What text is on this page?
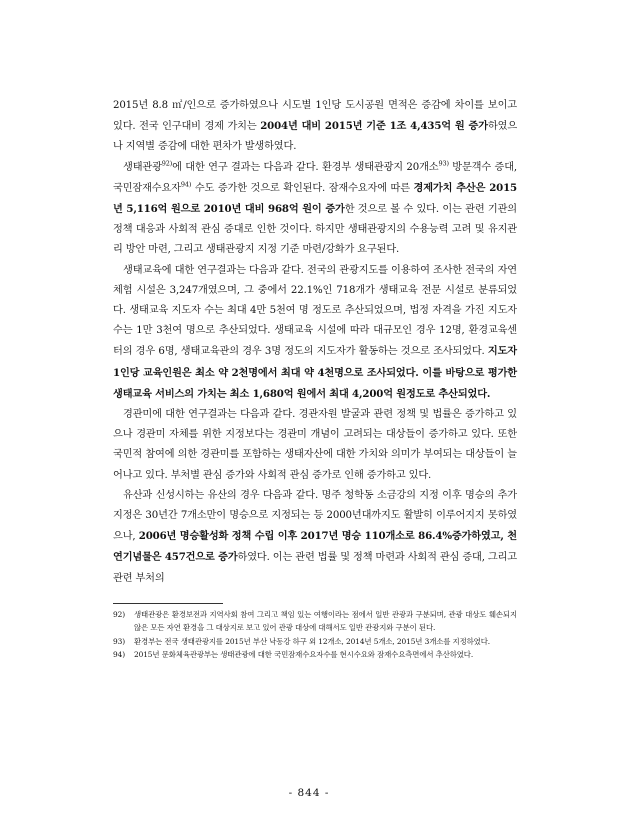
2015년 8.8 ㎡/인으로 증가하였으나 시도별 1인당 도시공원 면적은 증감에 차이를 보이고 있다. 전국 인구대비 경제 가치는 2004년 대비 2015년 기준 1조 4,435억 원 증가하였으나 지역별 증감에 대한 편차가 발생하였다.

생태관광$^{92)}$에 대한 연구 결과는 다음과 같다. 환경부 생태관광지 20개소$^{93)}$ 방문객수 증대, 국민잠재수요자$^{94)}$ 수도 증가한 것으로 확인된다. 잠재수요자에 따른 경제가치 추산은 2015년 5,116억 원으로 2010년 대비 968억 원이 증가한 것으로 볼 수 있다. 이는 관련 기관의 정책 대응과 사회적 관심 증대로 인한 것이다. 하지만 생태관광지의 수용능력 고려 및 유지관리 방안 마련, 그리고 생태관광지 지정 기준 마련/강화가 요구된다.

생태교육에 대한 연구결과는 다음과 같다. 전국의 관광지도를 이용하여 조사한 전국의 자연체험 시설은 3,247개였으며, 그 중에서 22.1%인 718개가 생태교육 전문 시설로 분류되었다. 생태교육 지도자 수는 최대 4만 5천여 명 정도로 추산되었으며, 법정 자격을 가진 지도자 수는 1만 3천여 명으로 추산되었다. 생태교육 시설에 따라 대규모인 경우 12명, 환경교육센터의 경우 6명, 생태교육관의 경우 3명 정도의 지도자가 활동하는 것으로 조사되었다. 지도자 1인당 교육인원은 최소 약 2천명에서 최대 약 4천명으로 조사되었다. 이를 바탕으로 평가한 생태교육 서비스의 가치는 최소 1,680억 원에서 최대 4,200억 원정도로 추산되었다.

경관미에 대한 연구결과는 다음과 같다. 경관자원 발굴과 관련 정책 및 법률은 증가하고 있으나 경관미 자체를 위한 지정보다는 경관미 개념이 고려되는 대상들이 증가하고 있다. 또한 국민적 참여에 의한 경관미를 포함하는 생태자산에 대한 가치와 의미가 부여되는 대상들이 늘어나고 있다. 부처별 관심 증가와 사회적 관심 증가로 인해 증가하고 있다.

유산과 신성시하는 유산의 경우 다음과 같다. 명주 청학동 소금강의 지정 이후 명승의 추가지정은 30년간 7개소만이 명승으로 지정되는 등 2000년대까지도 활발히 이루어지지 못하였으나, 2006년 명승활성화 정책 수립 이후 2017년 명승 110개소로 86.4%증가하였고, 천연기념물은 457건으로 증가하였다. 이는 관련 법률 및 정책 마련과 사회적 관심 증대, 그리고 관련 부처의

92)	생태관광은 환경보전과 지역사회 참여 그리고 책임 있는 여행이라는 점에서 일반 관광과 구분되며, 관광 대상도 훼손되지 않은 모든 자연 환경을 그 대상지로 보고 있어 관광 대상에 대해서도 일반 관광지와 구분이 된다.
93)	환경부는 전국 생태관광지를 2015년 부산 낙동강 하구 외 12개소, 2014년 5개소, 2015년 3개소를 지정하였다.
94)	2015년 문화체육관광부는 생태관광에 대한 국민잠재수요자수를 현시수요와 잠재수요측면에서 추산하였다.
- 844 -
